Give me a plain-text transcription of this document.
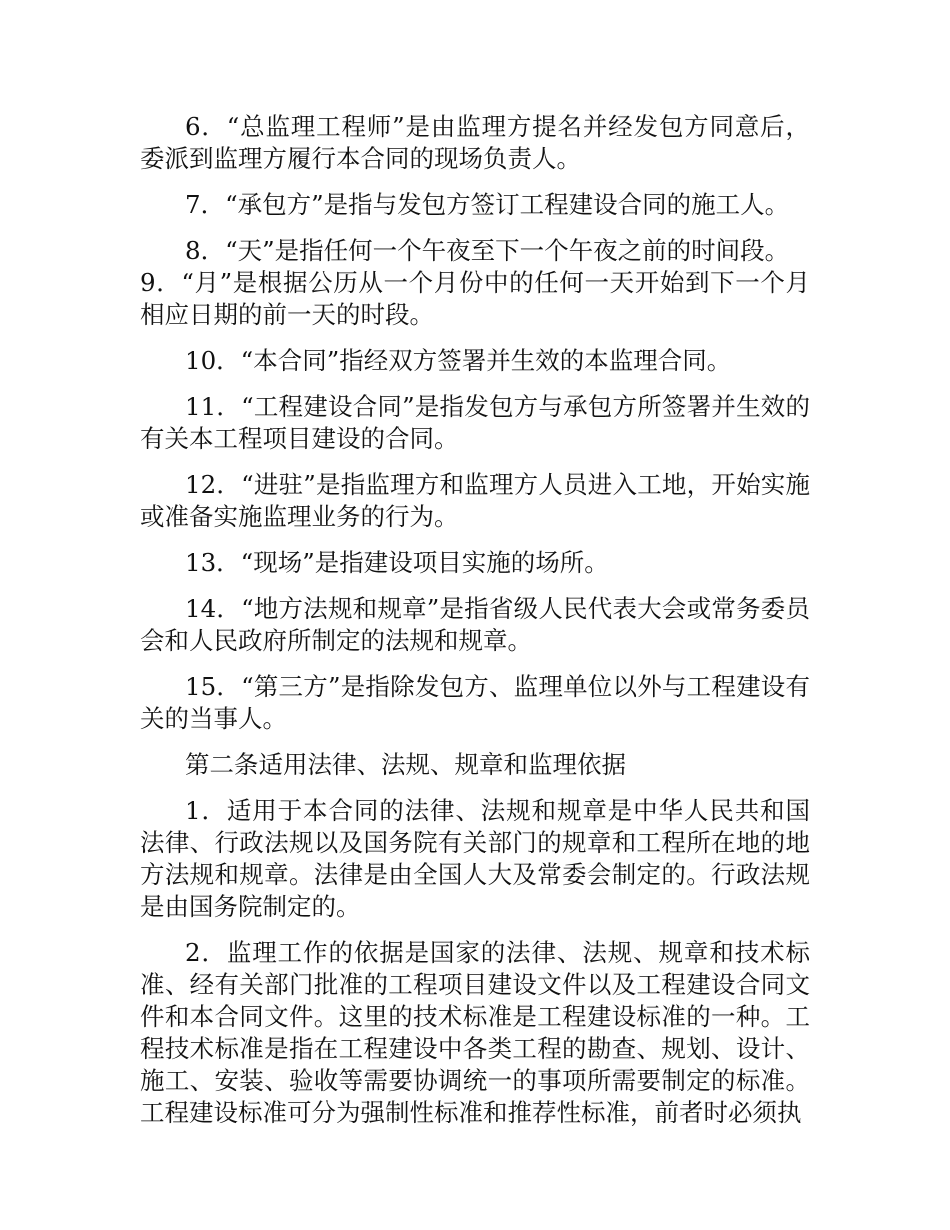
6．“总监理工程师”是由监理方提名并经发包方同意后，委派到监理方履行本合同的现场负责人。

7．“承包方”是指与发包方签订工程建设合同的施工人。

8．“天”是指任何一个午夜至下一个午夜之前的时间段。

9．“月”是根据公历从一个月份中的任何一天开始到下一个月相应日期的前一天的时段。

10．“本合同”指经双方签署并生效的本监理合同。

11．“工程建设合同”是指发包方与承包方所签署并生效的有关本工程项目建设的合同。

12．“进驻”是指监理方和监理方人员进入工地，开始实施或准备实施监理业务的行为。

13．“现场”是指建设项目实施的场所。

14．“地方法规和规章”是指省级人民代表大会或常务委员会和人民政府所制定的法规和规章。

15．“第三方”是指除发包方、监理单位以外与工程建设有关的当事人。

第二条适用法律、法规、规章和监理依据

1．适用于本合同的法律、法规和规章是中华人民共和国法律、行政法规以及国务院有关部门的规章和工程所在地的地方法规和规章。法律是由全国人大及常委会制定的。行政法规是由国务院制定的。

2．监理工作的依据是国家的法律、法规、规章和技术标准、经有关部门批准的工程项目建设文件以及工程建设合同文件和本合同文件。这里的技术标准是工程建设标准的一种。工程技术标准是指在工程建设中各类工程的勘查、规划、设计、施工、安装、验收等需要协调统一的事项所需要制定的标准。工程建设标准可分为强制性标准和推荐性标准，前者时必须执
